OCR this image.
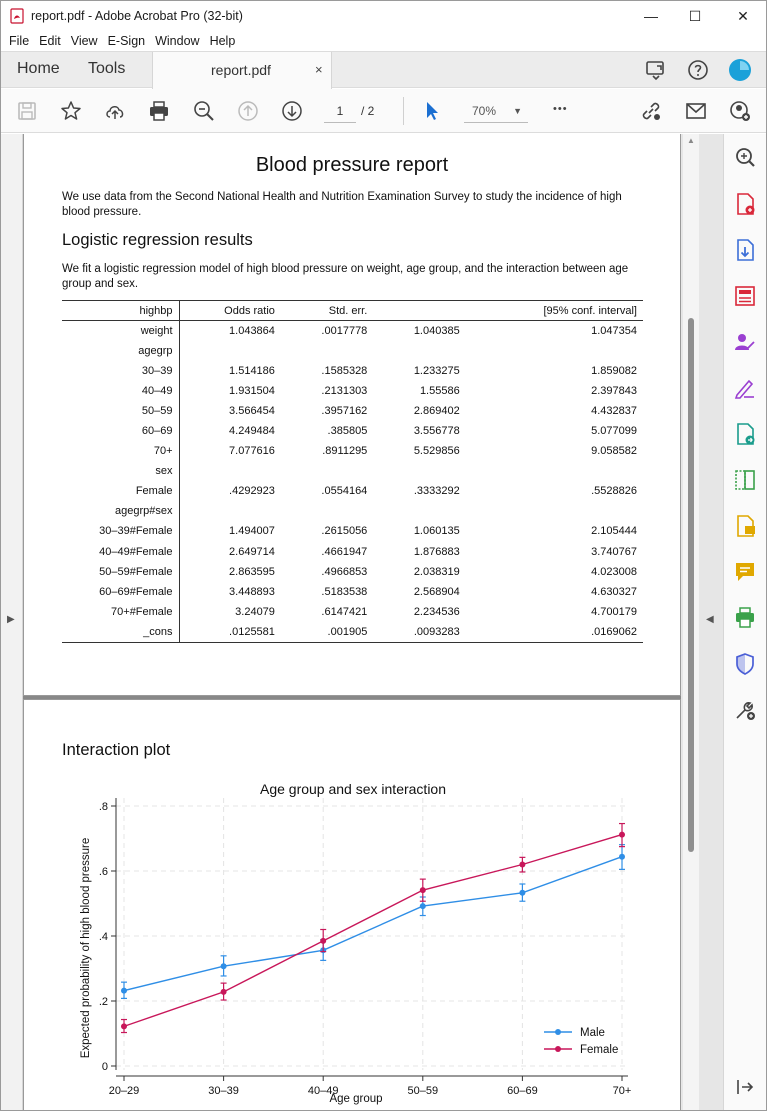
report.pdf - Adobe Acrobat Pro (32-bit)	—	☐	✕
File Edit View E-Sign Window Help
Home Tools	report.pdf	×
1	/ 2	70% ▼	•••
▶
Blood pressure report
We use data from the Second National Health and Nutrition Examination Survey to study the incidence of high blood pressure.
Logistic regression results
We fit a logistic regression model of high blood pressure on weight, age group, and the interaction between age group and sex.
highbp	Odds ratio	Std. err.		[95% conf. interval]
weight	1.043864	.0017778	1.040385	1.047354
agegrp				
30–39	1.514186	.1585328	1.233275	1.859082
40–49	1.931504	.2131303	1.55586	2.397843
50–59	3.566454	.3957162	2.869402	4.432837
60–69	4.249484	.385805	3.556778	5.077099
70+	7.077616	.8911295	5.529856	9.058582
sex				
Female	.4292923	.0554164	.3333292	.5528826
agegrp#sex				
30–39#Female	1.494007	.2615056	1.060135	2.105444
40–49#Female	2.649714	.4661947	1.876883	3.740767
50–59#Female	2.863595	.4966853	2.038319	4.023008
60–69#Female	3.448893	.5183538	2.568904	4.630327
70+#Female	3.24079	.6147421	2.234536	4.700179
_cons	.0125581	.001905	.0093283	.0169062
Interaction plot
Age group and sex interaction
0
.2
.4
.6
.8
20–29	30–39	40–49	50–59	60–69	70+
Age group
Expected probability of high blood pressure	Male
Female
▲
◀
